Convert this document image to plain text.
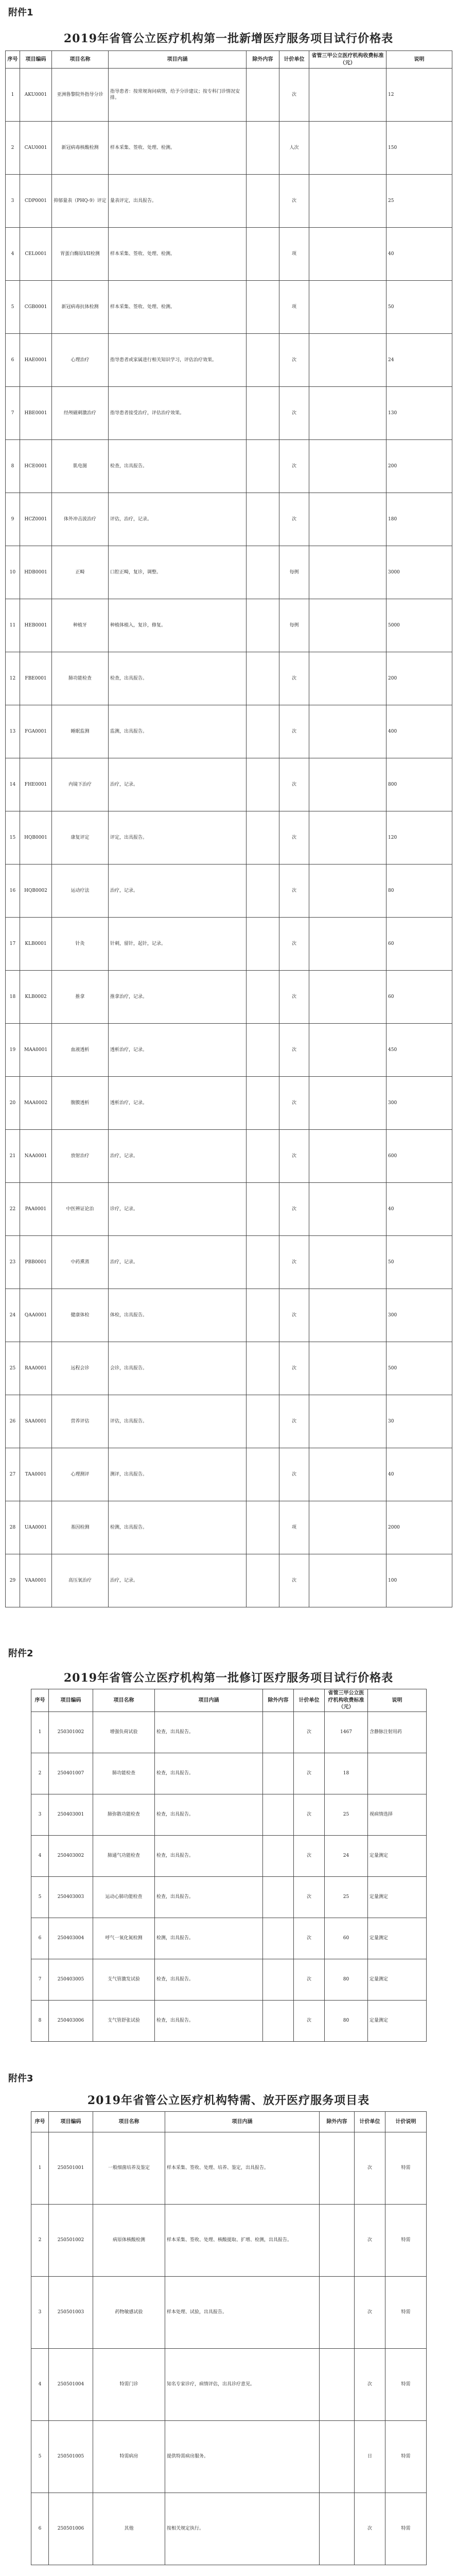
附件1
2019年省管公立医疗机构第一批新增医疗服务项目试行价格表
序号	项目编码	项目名称	项目内涵	除外内容	计价单位	省管三甲公立医疗机构收费标准（元）	说明
1	AKU0001	亚洲鲁黎院外指导分诊	指导患者：按常规询问病情，给予分诊建议；按专科门诊情况安排。		次		12
2	CAU0001	新冠病毒核酸检测	样本采集、签收、处理、检测。		人次		150
3	CDP0001	抑郁量表（PHQ-9）评定	量表评定，出具报告。		次		25
4	CEL0001	胃蛋白酶原I/II检测	样本采集、签收、处理、检测。		项		40
5	CGB0001	新冠病毒抗体检测	样本采集、签收、处理、检测。		项		50
6	HAE0001	心理治疗	指导患者或家属进行相关知识学习，评估治疗效果。		次		24
7	HBE0001	经颅磁刺激治疗	指导患者接受治疗，评估治疗效果。		次		130
8	HCE0001	肌电图	检查，出具报告。		次		200
9	HCZ0001	体外冲击波治疗	评估，治疗，记录。		次		180
10	HDB0001	正畸	口腔正畸，复诊，调整。		每例		3000
11	HEB0001	种植牙	种植体植入，复诊，修复。		每例		5000
12	FBE0001	肺功能检查	检查，出具报告。		次		200
13	FGA0001	睡眠监测	监测，出具报告。		次		400
14	FHE0001	内镜下治疗	治疗，记录。		次		800
15	HQB0001	康复评定	评定，出具报告。		次		120
16	HQB0002	运动疗法	治疗，记录。		次		80
17	KLB0001	针灸	针刺，留针，起针，记录。		次		60
18	KLB0002	推拿	推拿治疗，记录。		次		60
19	MAA0001	血液透析	透析治疗，记录。		次		450
20	MAA0002	腹膜透析	透析治疗，记录。		次		300
21	NAA0001	放射治疗	治疗，记录。		次		600
22	PAA0001	中医辨证论治	诊疗，记录。		次		40
23	PBB0001	中药熏蒸	治疗，记录。		次		50
24	QAA0001	健康体检	体检，出具报告。		次		300
25	RAA0001	远程会诊	会诊，出具报告。		次		500
26	SAA0001	营养评估	评估，出具报告。		次		30
27	TAA0001	心理测评	测评，出具报告。		次		40
28	UAA0001	基因检测	检测，出具报告。		项		2000
29	VAA0001	高压氧治疗	治疗，记录。		次		100
附件2
2019年省管公立医疗机构第一批修订医疗服务项目试行价格表
序号	项目编码	项目名称	项目内涵	除外内容	计价单位	省管三甲公立医疗机构收费标准（元）	说明
1	250301002	增强负荷试验	检查，出具报告。		次	1467	含静脉注射用药
2	250401007	肺功能检查	检查，出具报告。		次	18	
3	250403001	肺弥散功能检查	检查，出具报告。		次	25	视病情选择
4	250403002	肺通气功能检查	检查，出具报告。		次	24	定量测定
5	250403003	运动心肺功能检查	检查，出具报告。		次	25	定量测定
6	250403004	呼气一氧化氮检测	检测，出具报告。		次	60	定量测定
7	250403005	支气管激发试验	检查，出具报告。		次	80	定量测定
8	250403006	支气管舒张试验	检查，出具报告。		次	80	定量测定
附件3
2019年省管公立医疗机构特需、放开医疗服务项目表
序号	项目编码	项目名称	项目内涵	除外内容	计价单位	计价说明
1	250501001	一般细菌培养及鉴定	样本采集、签收、处理、培养、鉴定，出具报告。		次	特需
2	250501002	病原体核酸检测	样本采集、签收、处理、核酸提取、扩增、检测，出具报告。		次	特需
3	250501003	药物敏感试验	样本处理、试验，出具报告。		次	特需
4	250501004	特需门诊	知名专家诊疗，病情评估，出具诊疗意见。		次	特需
5	250501005	特需病房	提供特需病房服务。		日	特需
6	250501006	其他	按相关规定执行。		次	特需
